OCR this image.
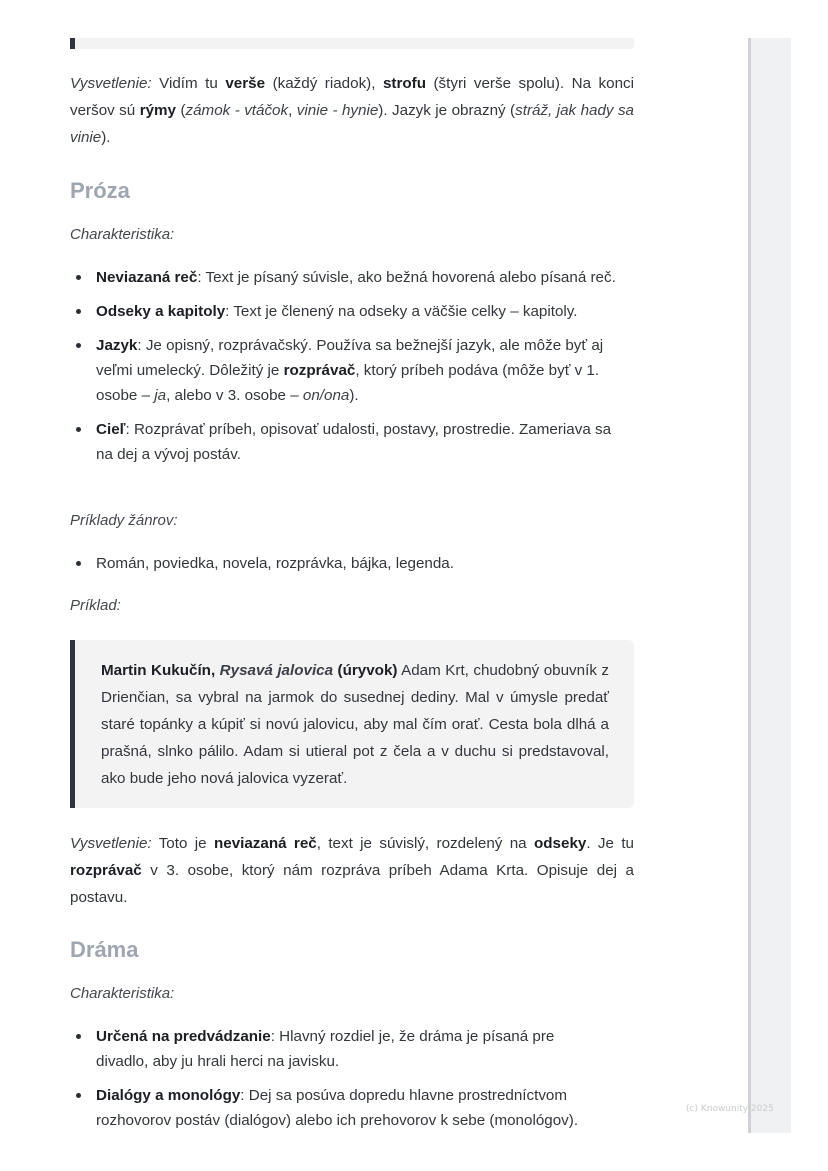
Vysvetlenie: Vidím tu verše (každý riadok), strofu (štyri verše spolu). Na konci veršov sú rýmy (zámok - vtáčok, vinie - hynie). Jazyk je obrazný (stráž, jak hady sa vinie).

Próza

Charakteristika:

Neviazaná reč: Text je písaný súvisle, ako bežná hovorená alebo písaná reč.
Odseky a kapitoly: Text je členený na odseky a väčšie celky – kapitoly.
Jazyk: Je opisný, rozprávačský. Používa sa bežnejší jazyk, ale môže byť aj veľmi umelecký. Dôležitý je rozprávač, ktorý príbeh podáva (môže byť v 1. osobe – ja, alebo v 3. osobe – on/ona).
Cieľ: Rozprávať príbeh, opisovať udalosti, postavy, prostredie. Zameriava sa na dej a vývoj postáv.

Príklady žánrov:

Román, poviedka, novela, rozprávka, bájka, legenda.

Príklad:

Martin Kukučín, Rysavá jalovica (úryvok) Adam Krt, chudobný obuvník z Drienčian, sa vybral na jarmok do susednej dediny. Mal v úmysle predať staré topánky a kúpiť si novú jalovicu, aby mal čím orať. Cesta bola dlhá a prašná, slnko pálilo. Adam si utieral pot z čela a v duchu si predstavoval, ako bude jeho nová jalovica vyzerať.

Vysvetlenie: Toto je neviazaná reč, text je súvislý, rozdelený na odseky. Je tu rozprávač v 3. osobe, ktorý nám rozpráva príbeh Adama Krta. Opisuje dej a postavu.

Dráma

Charakteristika:

Určená na predvádzanie: Hlavný rozdiel je, že dráma je písaná pre divadlo, aby ju hrali herci na javisku.
Dialógy a monológy: Dej sa posúva dopredu hlavne prostredníctvom rozhovorov postáv (dialógov) alebo ich prehovorov k sebe (monológov).
(c) Knowunity 2025
